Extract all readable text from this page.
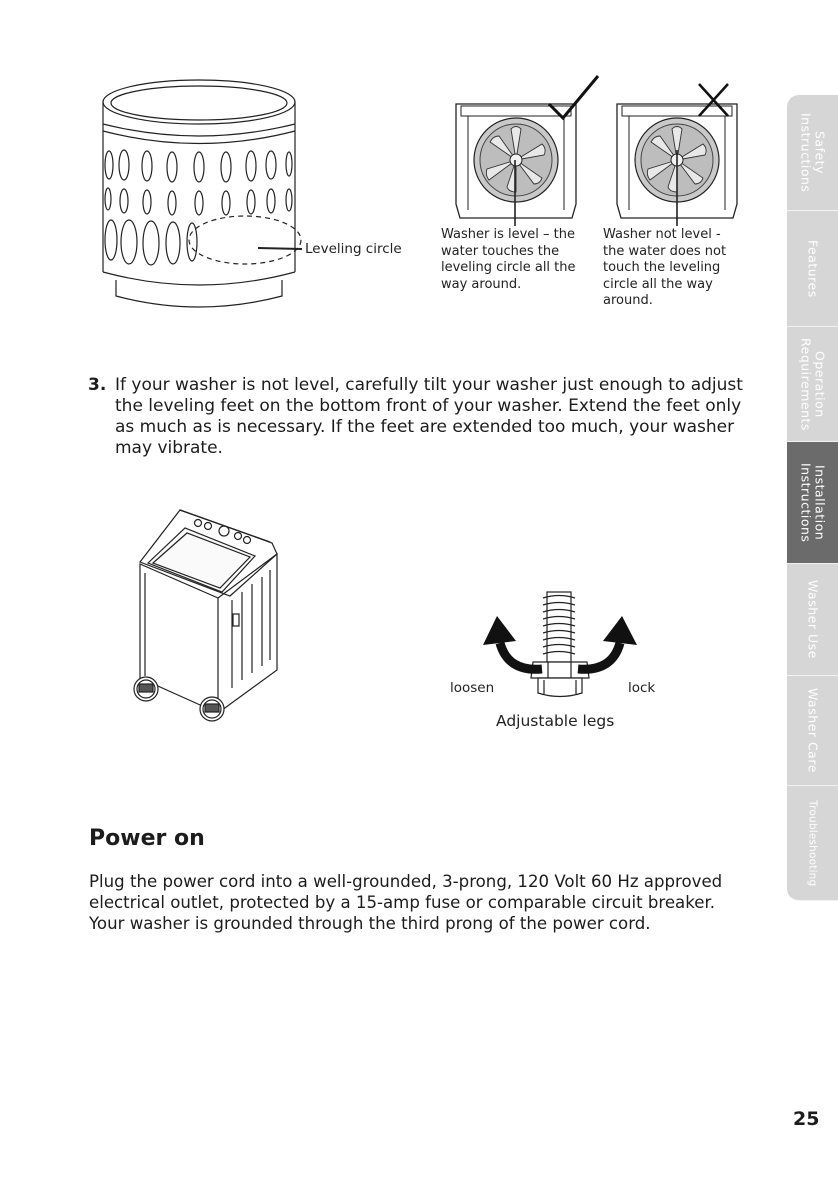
Leveling circle
Washer is level – the water touches the leveling circle all the way around.
Washer not level - the water does not touch the leveling circle all the way around.
3. If your washer is not level, carefully tilt your washer just enough to adjust the leveling feet on the bottom front of your washer. Extend the feet only as much as is necessary. If the feet are extended too much, your washer may vibrate.
loosen	lock
Adjustable legs
Power on
Plug the power cord into a well-grounded, 3-prong, 120 Volt 60 Hz approved electrical outlet, protected by a 15-amp fuse or comparable circuit breaker. Your washer is grounded through the third prong of the power cord.
Safety
Instructions
Features
Operation
Requirements
Installation
Instructions
Washer Use
Washer Care
Troubleshooting
25
